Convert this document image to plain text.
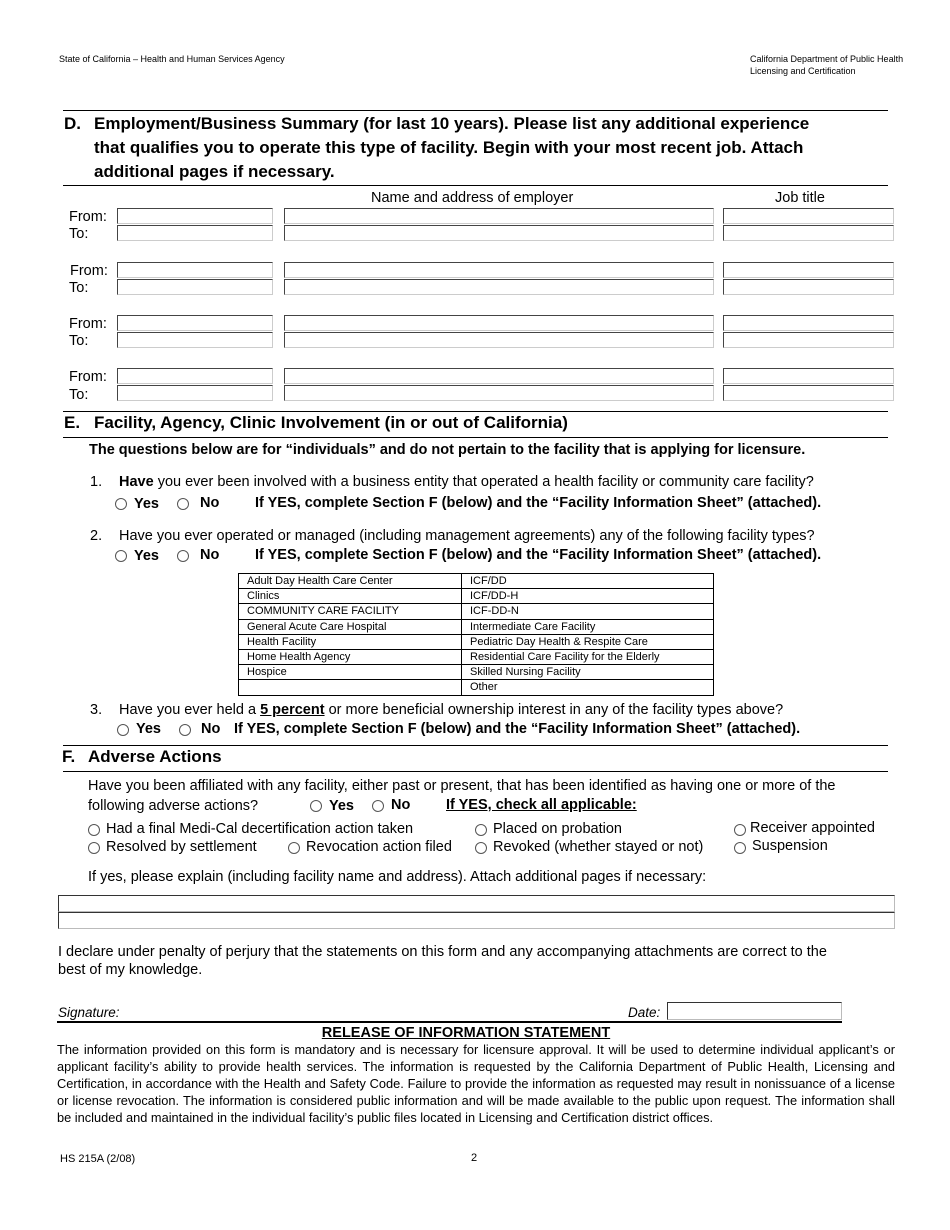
State of California – Health and Human Services Agency	California Department of Public Health
Licensing and Certification
D. Employment/Business Summary (for last 10 years). Please list any additional experience
that qualifies you to operate this type of facility. Begin with your most recent job. Attach
additional pages if necessary.
Name and address of employer	Job title
From:
To:
From:
To:
From:
To:
From:
To:
E. Facility, Agency, Clinic Involvement (in or out of California)
The questions below are for “individuals” and do not pertain to the facility that is applying for licensure.
1. Have you ever been involved with a business entity that operated a health facility or community care facility?
Yes	No If YES, complete Section F (below) and the “Facility Information Sheet” (attached).
2. Have you ever operated or managed (including management agreements) any of the following facility types?
Yes	No If YES, complete Section F (below) and the “Facility Information Sheet” (attached).
Adult Day Health Care Center	ICF/DD
Clinics	ICF/DD-H
COMMUNITY CARE FACILITY	ICF-DD-N
General Acute Care Hospital	Intermediate Care Facility
Health Facility	Pediatric Day Health & Respite Care
Home Health Agency	Residential Care Facility for the Elderly
Hospice	Skilled Nursing Facility
	Other
3. Have you ever held a 5 percent or more beneficial ownership interest in any of the facility types above?
Yes	No If YES, complete Section F (below) and the “Facility Information Sheet” (attached).
F. Adverse Actions
Have you been affiliated with any facility, either past or present, that has been identified as having one or more of the
following adverse actions?	Yes	No If YES, check all applicable:
Had a final Medi-Cal decertification action taken	Placed on probation	Receiver appointed
Resolved by settlement	Revocation action filed	Revoked (whether stayed or not)	Suspension
If yes, please explain (including facility name and address). Attach additional pages if necessary:
I declare under penalty of perjury that the statements on this form and any accompanying attachments are correct to the
best of my knowledge.
Signature:	Date:
RELEASE OF INFORMATION STATEMENT
The information provided on this form is mandatory and is necessary for licensure approval. It will be used to determine individual applicant’s or applicant facility’s ability to provide health services. The information is requested by the California Department of Public Health, Licensing and Certification, in accordance with the Health and Safety Code. Failure to provide the information as requested may result in nonissuance of a license or license revocation. The information is considered public information and will be made available to the public upon request. The information shall be included and maintained in the individual facility’s public files located in Licensing and Certification district offices.
HS 215A (2/08)	2
